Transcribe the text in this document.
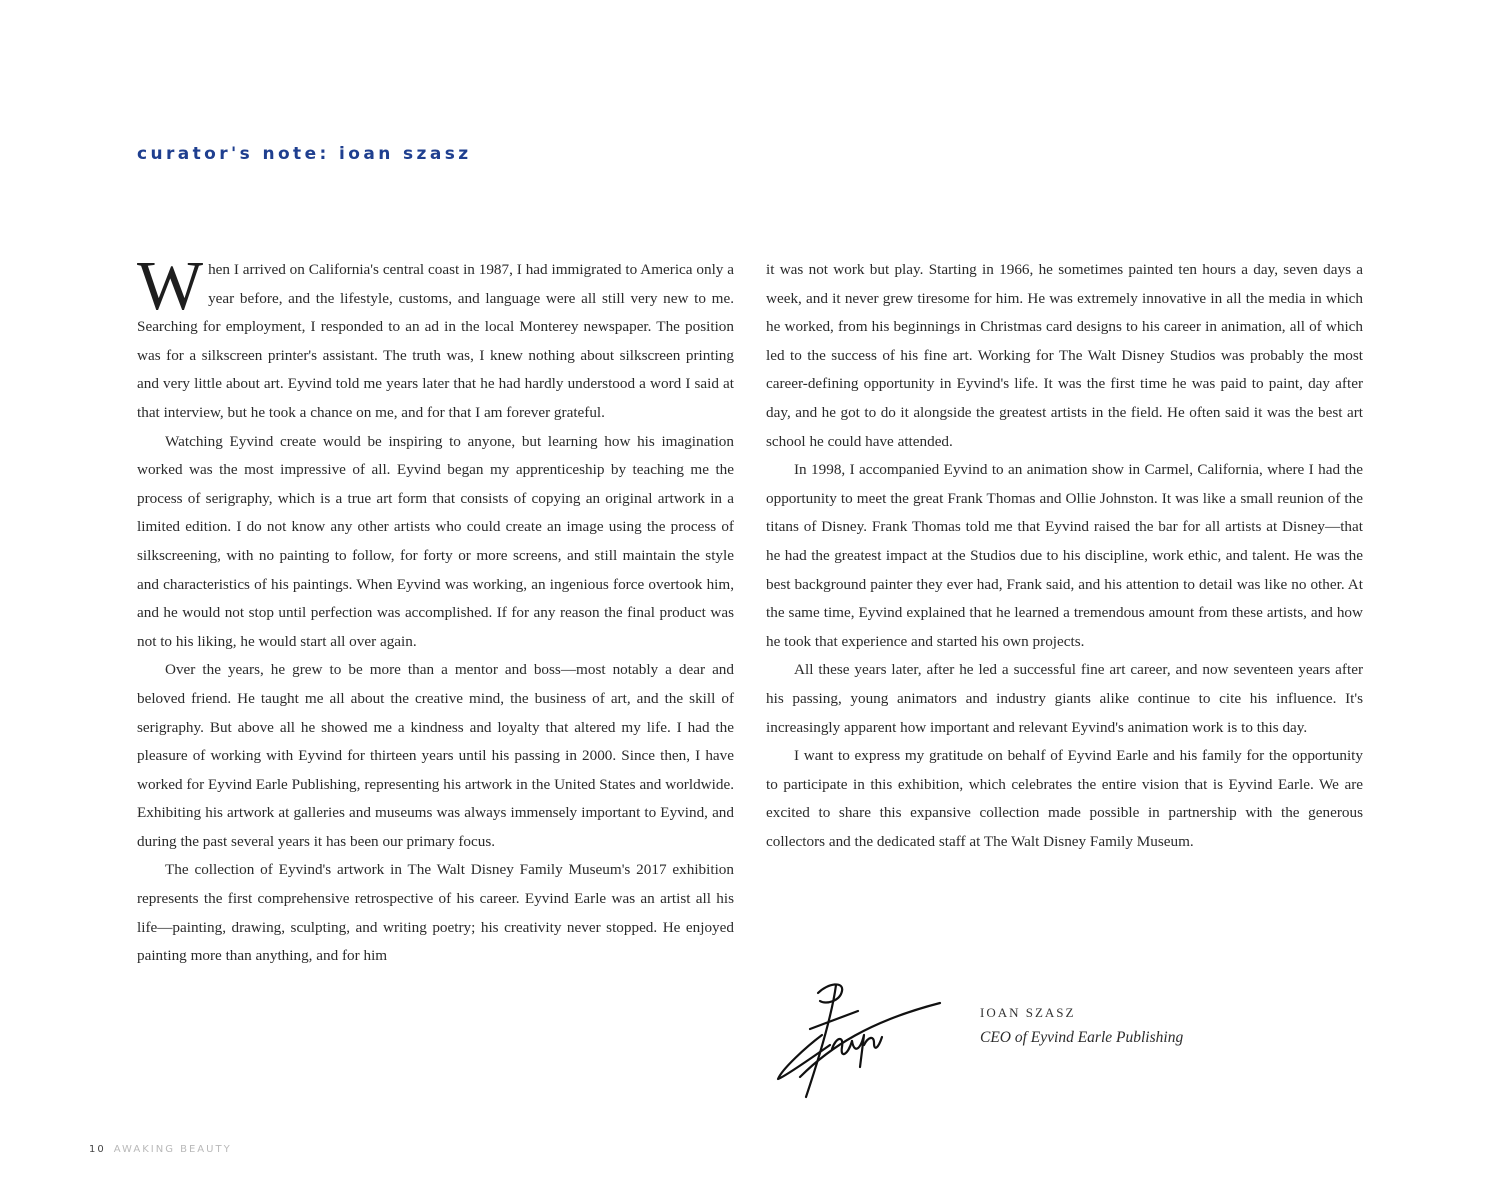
curator's note: ioan szasz

When I arrived on California's central coast in 1987, I had immigrated to America only a year before, and the lifestyle, customs, and language were all still very new to me. Searching for employment, I responded to an ad in the local Monterey newspaper. The position was for a silkscreen printer's assistant. The truth was, I knew nothing about silkscreen printing and very little about art. Eyvind told me years later that he had hardly understood a word I said at that interview, but he took a chance on me, and for that I am forever grateful.

Watching Eyvind create would be inspiring to anyone, but learning how his imagination worked was the most impressive of all. Eyvind began my apprenticeship by teaching me the process of serigraphy, which is a true art form that consists of copying an original artwork in a limited edition. I do not know any other artists who could create an image using the process of silkscreening, with no painting to follow, for forty or more screens, and still maintain the style and characteristics of his paintings. When Eyvind was working, an ingenious force overtook him, and he would not stop until perfection was accomplished. If for any reason the final product was not to his liking, he would start all over again.

Over the years, he grew to be more than a mentor and boss—most notably a dear and beloved friend. He taught me all about the creative mind, the business of art, and the skill of serigraphy. But above all he showed me a kindness and loyalty that altered my life. I had the pleasure of working with Eyvind for thirteen years until his passing in 2000. Since then, I have worked for Eyvind Earle Publishing, representing his artwork in the United States and worldwide. Exhibiting his artwork at galleries and museums was always immensely important to Eyvind, and during the past several years it has been our primary focus.

The collection of Eyvind's artwork in The Walt Disney Family Museum's 2017 exhibition represents the first comprehensive retrospective of his career. Eyvind Earle was an artist all his life—painting, drawing, sculpting, and writing poetry; his creativity never stopped. He enjoyed painting more than anything, and for him

it was not work but play. Starting in 1966, he sometimes painted ten hours a day, seven days a week, and it never grew tiresome for him. He was extremely innovative in all the media in which he worked, from his beginnings in Christmas card designs to his career in animation, all of which led to the success of his fine art. Working for The Walt Disney Studios was probably the most career-defining opportunity in Eyvind's life. It was the first time he was paid to paint, day after day, and he got to do it alongside the greatest artists in the field. He often said it was the best art school he could have attended.

In 1998, I accompanied Eyvind to an animation show in Carmel, California, where I had the opportunity to meet the great Frank Thomas and Ollie Johnston. It was like a small reunion of the titans of Disney. Frank Thomas told me that Eyvind raised the bar for all artists at Disney—that he had the greatest impact at the Studios due to his discipline, work ethic, and talent. He was the best background painter they ever had, Frank said, and his attention to detail was like no other. At the same time, Eyvind explained that he learned a tremendous amount from these artists, and how he took that experience and started his own projects.

All these years later, after he led a successful fine art career, and now seventeen years after his passing, young animators and industry giants alike continue to cite his influence. It's increasingly apparent how important and relevant Eyvind's animation work is to this day.

I want to express my gratitude on behalf of Eyvind Earle and his family for the opportunity to participate in this exhibition, which celebrates the entire vision that is Eyvind Earle. We are excited to share this expansive collection made possible in partnership with the generous collectors and the dedicated staff at The Walt Disney Family Museum.

IOAN SZASZ
CEO of Eyvind Earle Publishing
10 AWAKING BEAUTY
